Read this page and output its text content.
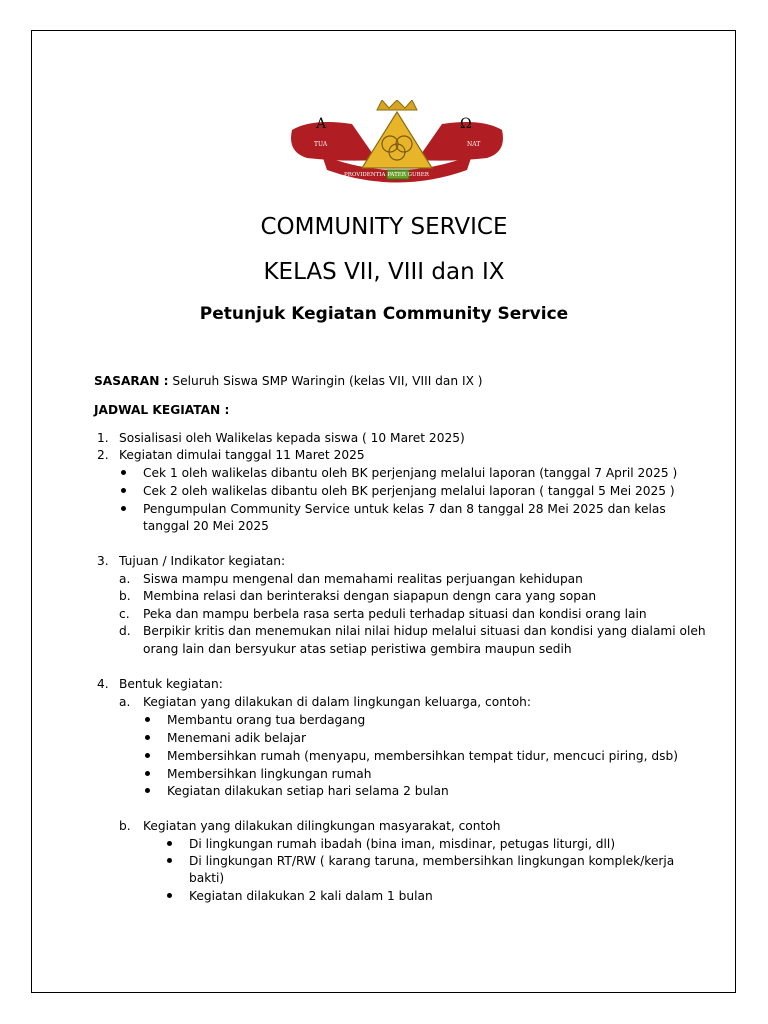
A	Ω
TUA	NAT
PROVIDENTIA PATER GUBER
COMMUNITY SERVICE
KELAS VII, VIII dan IX
Petunjuk Kegiatan Community Service
SASARAN : Seluruh Siswa SMP Waringin (kelas VII, VIII dan IX )
JADWAL KEGIATAN :
1. Sosialisasi oleh Walikelas kepada siswa ( 10 Maret 2025)
2. Kegiatan dimulai tanggal 11 Maret 2025
Cek 1 oleh walikelas dibantu oleh BK perjenjang melalui laporan (tanggal 7 April 2025 )
Cek 2 oleh walikelas dibantu oleh BK perjenjang melalui laporan ( tanggal 5 Mei 2025 )
Pengumpulan Community Service untuk kelas 7 dan 8 tanggal 28 Mei 2025 dan kelas
tanggal 20 Mei 2025
3. Tujuan / Indikator kegiatan:
a. Siswa mampu mengenal dan memahami realitas perjuangan kehidupan
b. Membina relasi dan berinteraksi dengan siapapun dengn cara yang sopan
c. Peka dan mampu berbela rasa serta peduli terhadap situasi dan kondisi orang lain
d. Berpikir kritis dan menemukan nilai nilai hidup melalui situasi dan kondisi yang dialami oleh
orang lain dan bersyukur atas setiap peristiwa gembira maupun sedih
4. Bentuk kegiatan:
a. Kegiatan yang dilakukan di dalam lingkungan keluarga, contoh:
Membantu orang tua berdagang
Menemani adik belajar
Membersihkan rumah (menyapu, membersihkan tempat tidur, mencuci piring, dsb)
Membersihkan lingkungan rumah
Kegiatan dilakukan setiap hari selama 2 bulan
b. Kegiatan yang dilakukan dilingkungan masyarakat, contoh
Di lingkungan rumah ibadah (bina iman, misdinar, petugas liturgi, dll)
Di lingkungan RT/RW ( karang taruna, membersihkan lingkungan komplek/kerja
bakti)
Kegiatan dilakukan 2 kali dalam 1 bulan
